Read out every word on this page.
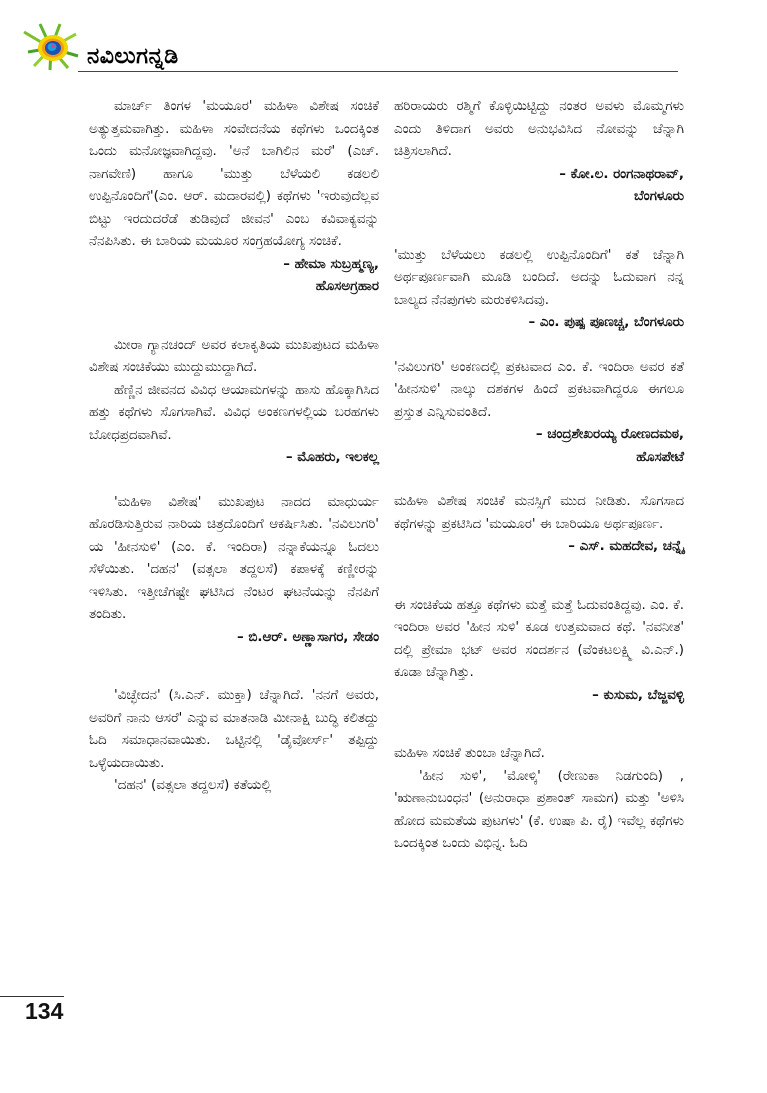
ನವಿಲುಗನ್ನಡಿ

ಮಾರ್ಚ್ ತಿಂಗಳ 'ಮಯೂರ' ಮಹಿಳಾ ವಿಶೇಷ ಸಂಚಿಕೆ ಅತ್ಯುತ್ತಮವಾಗಿತ್ತು. ಮಹಿಳಾ ಸಂವೇದನೆಯ ಕಥೆಗಳು ಒಂದಕ್ಕಿಂತ ಒಂದು ಮನೋಜ್ಞವಾಗಿದ್ದವು. 'ಅನೆ ಬಾಗಿಲಿನ ಮರೆ' (ಎಚ್. ನಾಗವೇಣಿ) ಹಾಗೂ 'ಮುತ್ತು ಬೆಳೆಯಲಿ ಕಡಲಲಿ ಉಪ್ಪಿನೊಂದಿಗೆ'(ಎಂ. ಆರ್. ಮದಾರವಲ್ಲಿ) ಕಥೆಗಳು 'ಇರುವುದೆಲ್ಲವ ಬಿಟ್ಟು ಇರದುದರೆಡೆ ತುಡಿವುದೆ ಜೀವನ' ಎಂಬ ಕವಿವಾಕ್ಯವನ್ನು ನೆನಪಿಸಿತು. ಈ ಬಾರಿಯ ಮಯೂರ ಸಂಗ್ರಹಯೋಗ್ಯ ಸಂಚಿಕೆ.

– ಹೇಮಾ ಸುಬ್ರಹ್ಮಣ್ಯ,
ಹೊಸಅಗ್ರಹಾರ

ಮೀರಾ ಗ್ಯಾನಚಂದ್ ಅವರ ಕಲಾಕೃತಿಯ ಮುಖಪುಟದ ಮಹಿಳಾ ವಿಶೇಷ ಸಂಚಿಕೆಯು ಮುದ್ದುಮುದ್ದಾಗಿದೆ.

ಹೆಣ್ಣಿನ ಜೀವನದ ವಿವಿಧ ಆಯಾಮಗಳನ್ನು ಹಾಸು ಹೊಕ್ಕಾಗಿಸಿದ ಹತ್ತು ಕಥೆಗಳು ಸೊಗಸಾಗಿವೆ. ವಿವಿಧ ಅಂಕಣಗಳಲ್ಲಿಯ ಬರಹಗಳು ಬೋಧಪ್ರದವಾಗಿವೆ.

– ಮೊಹರು, ಇಲಕಲ್ಲ

'ಮಹಿಳಾ ವಿಶೇಷ' ಮುಖಪುಟ ನಾದದ ಮಾಧುರ್ಯ ಹೊರಡಿಸುತ್ತಿರುವ ನಾರಿಯ ಚಿತ್ರದೊಂದಿಗೆ ಆಕರ್ಷಿಸಿತು. 'ನವಿಲುಗರಿ' ಯ 'ಹೀನಸುಳಿ' (ಎಂ. ಕೆ. ಇಂದಿರಾ) ನನ್ನಾಕೆಯನ್ನೂ ಓದಲು ಸೆಳೆಯಿತು. 'ದಹನ' (ವತ್ಸಲಾ ತದ್ದಲಸೆ) ಕಪಾಳಕ್ಕೆ ಕಣ್ಣೀರನ್ನು ಇಳಿಸಿತು. ಇತ್ತೀಚೆಗಷ್ಟೇ ಘಟಿಸಿದ ನೆಂಟರ ಘಟನೆಯನ್ನು ನೆನಪಿಗೆ ತಂದಿತು.

– ಬಿ.ಆರ್. ಅಣ್ಣಾಸಾಗರ, ಸೇಡಂ

'ವಿಚ್ಛೇದನ' (ಸಿ.ಎನ್. ಮುಕ್ತಾ) ಚೆನ್ನಾಗಿದೆ. 'ನನಗೆ ಅವರು, ಅವರಿಗೆ ನಾನು ಆಸರೆ' ಎನ್ನುವ ಮಾತನಾಡಿ ಮೀನಾಕ್ಷಿ ಬುದ್ಧಿ ಕಲಿತದ್ದು ಓದಿ ಸಮಾಧಾನವಾಯಿತು. ಒಟ್ಟಿನಲ್ಲಿ 'ಡೈವೋರ್ಸ್' ತಪ್ಪಿದ್ದು ಒಳ್ಳೆಯದಾಯಿತು.

'ದಹನ' (ವತ್ಸಲಾ ತದ್ದಲಸೆ) ಕತೆಯಲ್ಲಿ

ಹರಿರಾಯರು ರಶ್ಮಿಗೆ ಕೊಳ್ಳಿಯಿಟ್ಟಿದ್ದು ನಂತರ ಅವಳು ಮೊಮ್ಮಗಳು ಎಂದು ತಿಳಿದಾಗ ಅವರು ಅನುಭವಿಸಿದ ನೋವನ್ನು ಚೆನ್ನಾಗಿ ಚಿತ್ರಿಸಲಾಗಿದೆ.

– ಕೋ.ಲ. ರಂಗನಾಥರಾವ್,
ಬೆಂಗಳೂರು

'ಮುತ್ತು ಬೆಳೆಯಲು ಕಡಲಲ್ಲಿ ಉಪ್ಪಿನೊಂದಿಗೆ' ಕತೆ ಚೆನ್ನಾಗಿ ಅರ್ಥಪೂರ್ಣವಾಗಿ ಮೂಡಿ ಬಂದಿದೆ. ಅದನ್ನು ಓದುವಾಗ ನನ್ನ ಬಾಲ್ಯದ ನೆನಪುಗಳು ಮರುಕಳಿಸಿದವು.

– ಎಂ. ಪುಷ್ಪ ಪೂಣಚ್ಚ, ಬೆಂಗಳೂರು

'ನವಿಲುಗರಿ' ಅಂಕಣದಲ್ಲಿ ಪ್ರಕಟವಾದ ಎಂ. ಕೆ. ಇಂದಿರಾ ಅವರ ಕತೆ 'ಹೀನಸುಳಿ' ನಾಲ್ಕು ದಶಕಗಳ ಹಿಂದೆ ಪ್ರಕಟವಾಗಿದ್ದರೂ ಈಗಲೂ ಪ್ರಸ್ತುತ ಎನ್ನಿಸುವಂತಿದೆ.

– ಚಂದ್ರಶೇಖರಯ್ಯ ರೋಣದಮಠ,
ಹೊಸಪೇಟೆ

ಮಹಿಳಾ ವಿಶೇಷ ಸಂಚಿಕೆ ಮನಸ್ಸಿಗೆ ಮುದ ನೀಡಿತು. ಸೊಗಸಾದ ಕಥೆಗಳನ್ನು ಪ್ರಕಟಿಸಿದ 'ಮಯೂರ' ಈ ಬಾರಿಯೂ ಅರ್ಥಪೂರ್ಣ.

– ಎಸ್. ಮಹದೇವ, ಚನ್ನೈ

ಈ ಸಂಚಿಕೆಯ ಹತ್ತೂ ಕಥೆಗಳು ಮತ್ತೆ ಮತ್ತೆ ಓದುವಂತಿದ್ದವು. ಎಂ. ಕೆ. ಇಂದಿರಾ ಅವರ 'ಹೀನ ಸುಳಿ' ಕೂಡ ಉತ್ತಮವಾದ ಕಥೆ. 'ನವನೀತ' ದಲ್ಲಿ ಪ್ರೇಮಾ ಭಟ್ ಅವರ ಸಂದರ್ಶನ (ವೆಂಕಟಲಕ್ಷ್ಮಿ ವಿ.ಎನ್.) ಕೂಡಾ ಚೆನ್ನಾಗಿತ್ತು.

– ಕುಸುಮ, ಬೆಜ್ಜವಳ್ಳಿ

ಮಹಿಳಾ ಸಂಚಿಕೆ ತುಂಬಾ ಚೆನ್ನಾಗಿದೆ.

'ಹೀನ ಸುಳಿ', 'ಮೋಳ್ಕಿ' (ರೇಣುಕಾ ನಿಡಗುಂದಿ) , 'ಋಣಾನುಬಂಧನ' (ಅನುರಾಧಾ ಪ್ರಶಾಂತ್ ಸಾಮಗ) ಮತ್ತು 'ಅಳಿಸಿ ಹೋದ ಮಮತೆಯ ಪುಟಗಳು' (ಕೆ. ಉಷಾ ಪಿ. ರೈ) ಇವೆಲ್ಲ ಕಥೆಗಳು ಒಂದಕ್ಕಿಂತ ಒಂದು ವಿಭಿನ್ನ. ಓದಿ

134
